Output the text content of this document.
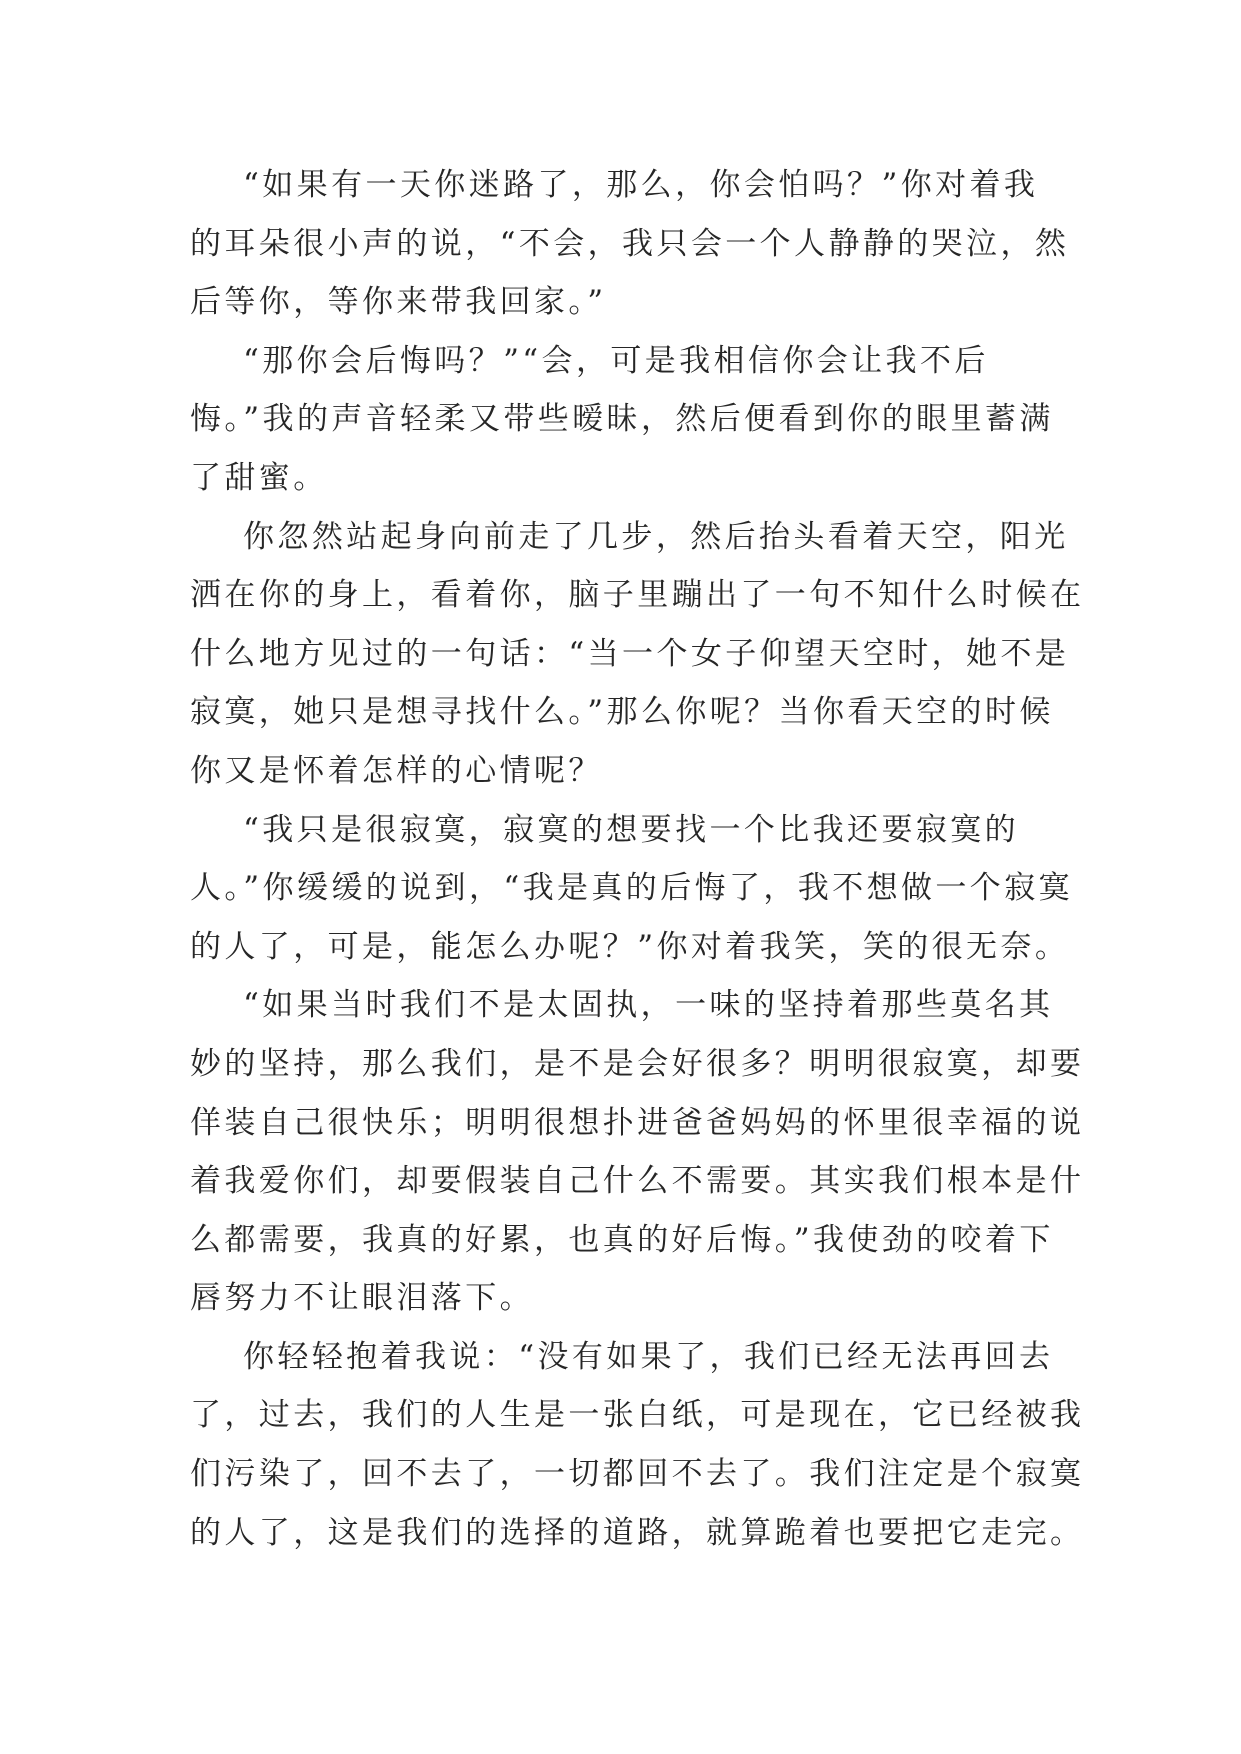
“如果有一天你迷路了，那么，你会怕吗？”你对着我
的耳朵很小声的说，“不会，我只会一个人静静的哭泣，然
后等你，等你来带我回家。”
“那你会后悔吗？”“会，可是我相信你会让我不后
悔。”我的声音轻柔又带些暧昧，然后便看到你的眼里蓄满
了甜蜜。
你忽然站起身向前走了几步，然后抬头看着天空，阳光
洒在你的身上，看着你，脑子里蹦出了一句不知什么时候在
什么地方见过的一句话：“当一个女子仰望天空时，她不是
寂寞，她只是想寻找什么。”那么你呢？当你看天空的时候
你又是怀着怎样的心情呢？
“我只是很寂寞，寂寞的想要找一个比我还要寂寞的
人。”你缓缓的说到，“我是真的后悔了，我不想做一个寂寞
的人了，可是，能怎么办呢？”你对着我笑，笑的很无奈。
“如果当时我们不是太固执，一味的坚持着那些莫名其
妙的坚持，那么我们，是不是会好很多？明明很寂寞，却要
佯装自己很快乐；明明很想扑进爸爸妈妈的怀里很幸福的说
着我爱你们，却要假装自己什么不需要。其实我们根本是什
么都需要，我真的好累，也真的好后悔。”我使劲的咬着下
唇努力不让眼泪落下。
你轻轻抱着我说：“没有如果了，我们已经无法再回去
了，过去，我们的人生是一张白纸，可是现在，它已经被我
们污染了，回不去了，一切都回不去了。我们注定是个寂寞
的人了，这是我们的选择的道路，就算跪着也要把它走完。
